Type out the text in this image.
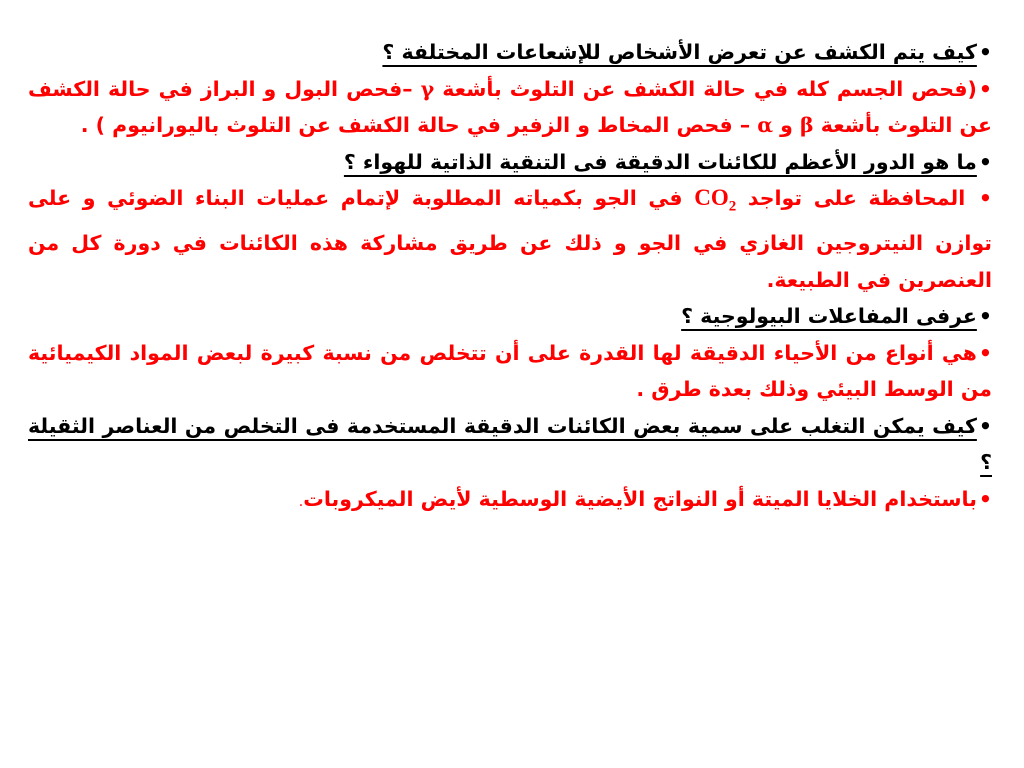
•كيف يتم الكشف عن تعرض الأشخاص للإشعاعات المختلفة ؟

•(فحص الجسم كله في حالة الكشف عن التلوث بأشعة γ –فحص البول و البراز في حالة الكشف عن التلوث بأشعة β و α – فحص المخاط و الزفير في حالة الكشف عن التلوث باليورانيوم ) .

•ما هو الدور الأعظم للكائنات الدقيقة فى التنقية الذاتية للهواء ؟

• المحافظة على تواجد $CO_2$ في الجو بكمياته المطلوبة لإتمام عمليات البناء الضوئي و على توازن النيتروجين الغازي في الجو و ذلك عن طريق مشاركة هذه الكائنات في دورة كل من العنصرين في الطبيعة.

•عرفى المفاعلات البيولوجية ؟

•هي أنواع من الأحياء الدقيقة لها القدرة على أن تتخلص من نسبة كبيرة لبعض المواد الكيميائية من الوسط البيئي وذلك بعدة طرق .

•كيف يمكن التغلب على سمية بعض الكائنات الدقيقة المستخدمة فى التخلص من العناصر الثقيلة ؟

•باستخدام الخلايا الميتة أو النواتج الأيضية الوسطية لأيض الميكروبات.
